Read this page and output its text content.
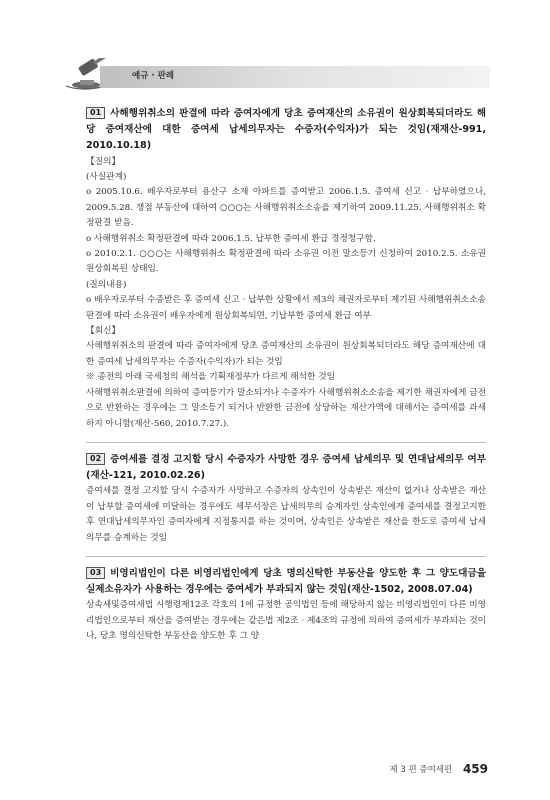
예규 · 판례
01 사해행위취소의 판결에 따라 증여자에게 당초 증여재산의 소유권이 원상회복되더라도 해당 증여재산에 대한 증여세 납세의무자는 수증자(수익자)가 되는 것임(재재산-991, 2010.10.18)
【질의】
(사실관계)
o 2005.10.6. 배우자로부터 용산구 소재 아파트를 증여받고 2006.1.5. 증여세 신고 · 납부하였으나, 2009.5.28. 쟁점 부동산에 대하여 ○○○는 사해행위취소소송을 제기하여 2009.11.25. 사해행위취소 확정판결 받음.
o 사해행위취소 확정판결에 따라 2006.1.5. 납부한 증여세 환급 경정청구함.
o 2010.2.1. ○○○는 사해행위취소 확정판결에 따라 소유권 이전 말소등기 신청하여 2010.2.5. 소유권 원상회복된 상태임.
(질의내용)
o 배우자로부터 수증받은 후 증여세 신고 · 납부한 상황에서 제3의 채권자로부터 제기된 사해행위취소소송 판결에 따라 소유권이 배우자에게 원상회복되면, 기납부한 증여세 환급 여부
【회신】
사해행위취소의 판결에 따라 증여자에게 당초 증여재산의 소유권이 원상회복되더라도 해당 증여재산에 대한 증여세 납세의무자는 수증자(수익자)가 되는 것임
※ 종전의 아래 국세청의 해석을 기획재정부가 다르게 해석한 것임
사해행위취소판결에 의하여 증여등기가 말소되거나 수증자가 사해행위취소소송을 제기한 채권자에게 금전으로 반환하는 경우에는 그 말소등기 되거나 반환한 금전에 상당하는 재산가액에 대해서는 증여세를 과세하지 아니함(재산-560, 2010.7.27.).
02 증여세를 결정 고지할 당시 수증자가 사망한 경우 증여세 납세의무 및 연대납세의무 여부(재산-121, 2010.02.26)
증여세를 결정 고지할 당시 수증자가 사망하고 수증자의 상속인이 상속받은 재산이 없거나 상속받은 재산이 납부할 증여세에 미달하는 경우에도 세무서장은 납세의무의 승계자인 상속인에게 증여세를 결정고지한 후 연대납세의무자인 증여자에게 지정통지를 하는 것이며, 상속인은 상속받은 재산을 한도로 증여세 납세의무를 승계하는 것임
03 비영리법인이 다른 비영리법인에게 당초 명의신탁한 부동산을 양도한 후 그 양도대금을 실제소유자가 사용하는 경우에는 증여세가 부과되지 않는 것임(재산-1502, 2008.07.04)
상속세및증여세법 시행령제12조 각호의 1에 규정한 공익법인 등에 해당하지 않는 비영리법인이 다른 비영리법인으로부터 재산을 증여받는 경우에는 같은법 제2조 · 제4조의 규정에 의하여 증여세가 부과되는 것이나, 당초 명의신탁한 부동산을 양도한 후 그 양
제 3 편 증여세편 459
